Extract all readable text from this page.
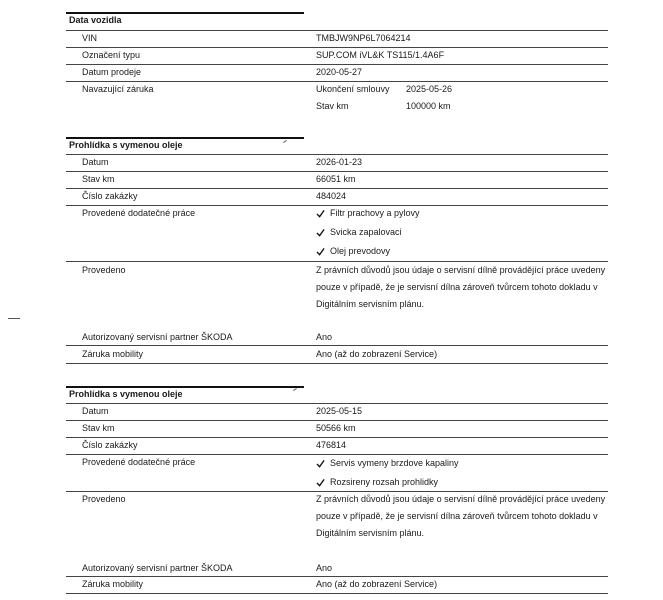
Data vozidla
VIN	TMBJW9NP6L7064214
Označení typu	SUP.COM iVL&K TS115/1.4A6F
Datum prodeje	2020-05-27
Navazující záruka	Ukončení smlouvy 2025-05-26
Stav km	100000 km
Prohlídka s vymenou oleje
Datum	2026-01-23
Stav km	66051 km
Číslo zakázky	484024
Provedené dodatečné práce	Filtr prachovy a pylovy
Svicka zapalovaci
Olej prevodovy
Provedeno	Z právních důvodů jsou údaje o servisní dílně provádějící práce uvedeny pouze v případě, že je servisní dílna zároveň tvůrcem tohoto dokladu v Digitálním servisním plánu.
Autorizovaný servisní partner ŠKODA	Ano
Záruka mobility	Ano (až do zobrazení Service)
Prohlídka s vymenou oleje
Datum	2025-05-15
Stav km	50566 km
Číslo zakázky	476814
Provedené dodatečné práce	Servis vymeny brzdove kapaliny
Rozsireny rozsah prohlidky
Provedeno	Z právních důvodů jsou údaje o servisní dílně provádějící práce uvedeny pouze v případě, že je servisní dílna zároveň tvůrcem tohoto dokladu v Digitálním servisním plánu.
Autorizovaný servisní partner ŠKODA	Ano
Záruka mobility	Ano (až do zobrazení Service)
